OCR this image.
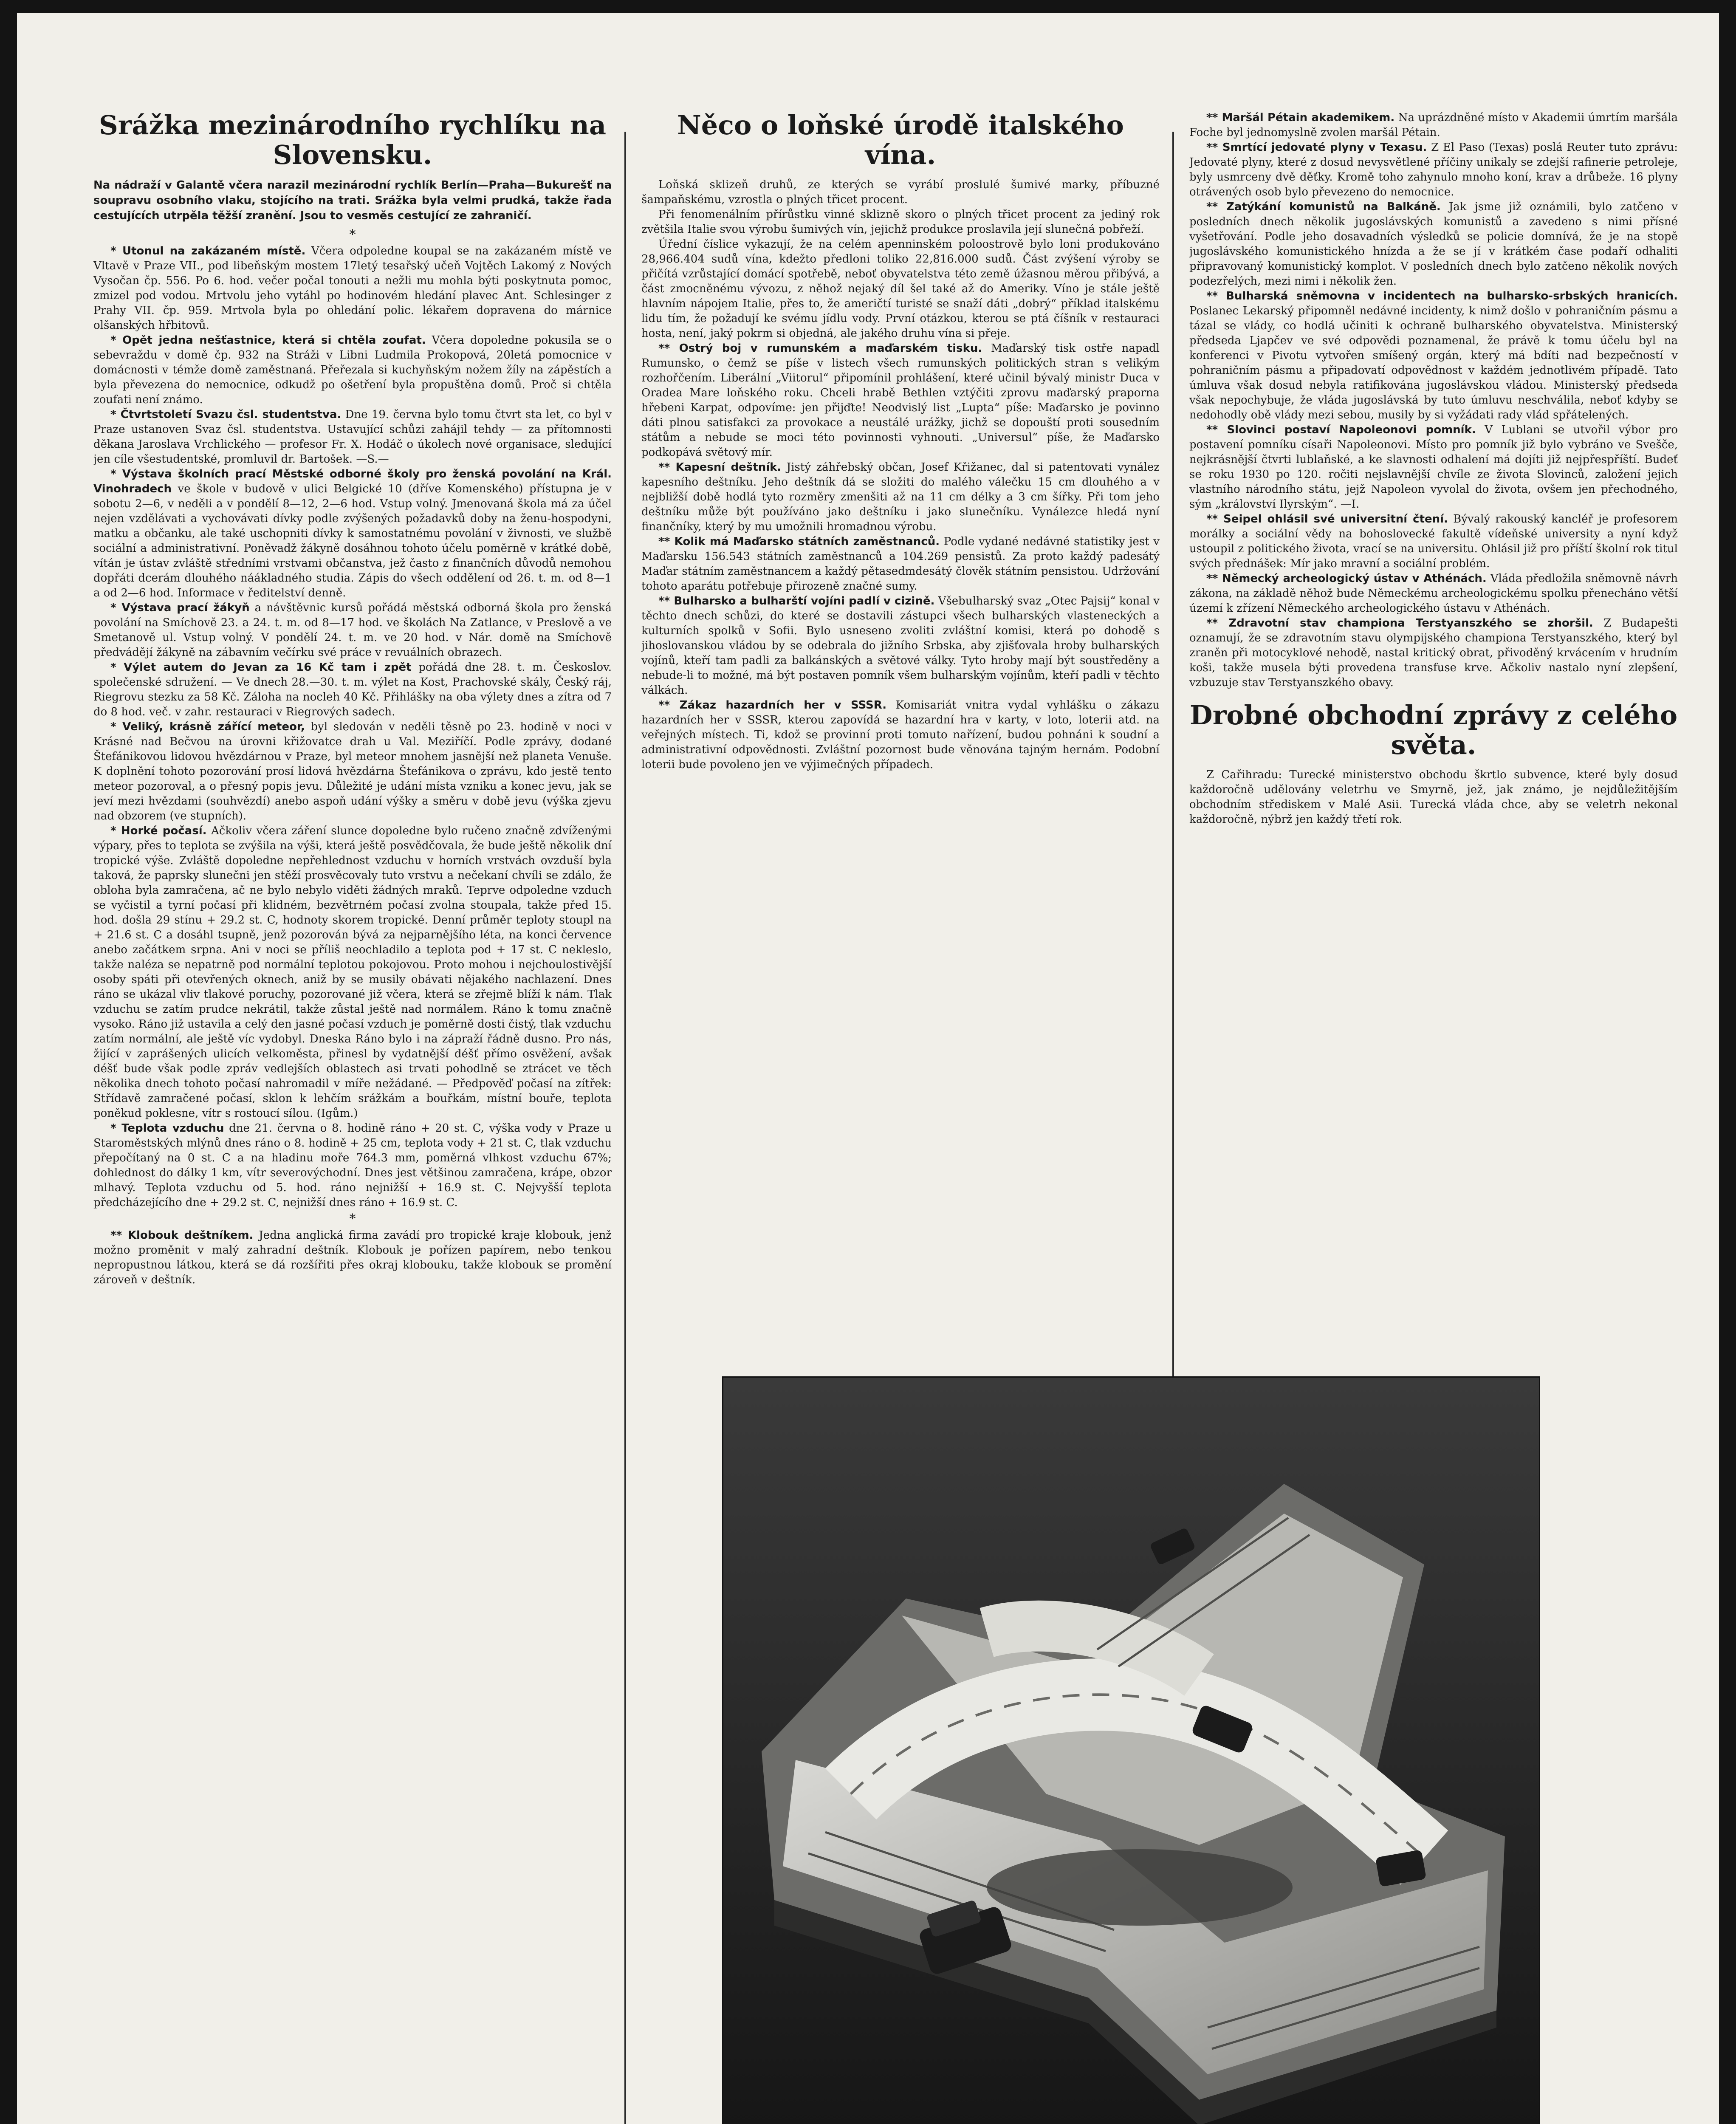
Srážka mezinárodního rychlíku na Slovensku.

Na nádraží v Galantě včera narazil mezinárodní rychlík Berlín—Praha—Bukurešť na soupravu osobního vlaku, stojícího na trati. Srážka byla velmi prudká, takže řada cestujících utrpěla těžší zranění. Jsou to vesměs cestující ze zahraničí.

*

* Utonul na zakázaném místě. Včera odpoledne koupal se na zakázaném místě ve Vltavě v Praze VII., pod libeňským mostem 17letý tesařský učeň Vojtěch Lakomý z Nových Vysočan čp. 556. Po 6. hod. večer počal tonouti a nežli mu mohla býti poskytnuta pomoc, zmizel pod vodou. Mrtvolu jeho vytáhl po hodinovém hledání plavec Ant. Schlesinger z Prahy VII. čp. 959. Mrtvola byla po ohledání polic. lékařem dopravena do márnice olšanských hřbitovů.

* Opět jedna nešťastnice, která si chtěla zoufat. Včera dopoledne pokusila se o sebevraždu v domě čp. 932 na Stráži v Libni Ludmila Prokopová, 20letá pomocnice v domácnosti v témže domě zaměstnaná. Přeřezala si kuchyňským nožem žíly na zápěstích a byla převezena do nemocnice, odkudž po ošetření byla propuštěna domů. Proč si chtěla zoufati není známo.

* Čtvrtstoletí Svazu čsl. studentstva. Dne 19. června bylo tomu čtvrt sta let, co byl v Praze ustanoven Svaz čsl. studentstva. Ustavující schůzi zahájil tehdy — za přítomnosti děkana Jaroslava Vrchlického — profesor Fr. X. Hodáč o úkolech nové organisace, sledující jen cíle všestudentské, promluvil dr. Bartošek. —S.—

* Výstava školních prací Městské odborné školy pro ženská povolání na Král. Vinohradech ve škole v budově v ulici Belgické 10 (dříve Komenského) přístupna je v sobotu 2—6, v neděli a v pondělí 8—12, 2—6 hod. Vstup volný. Jmenovaná škola má za účel nejen vzdělávati a vychovávati dívky podle zvýšených požadavků doby na ženu-hospodyni, matku a občanku, ale také uschopniti dívky k samostatnému povolání v živnosti, ve službě sociální a administrativní. Poněvadž žákyně dosáhnou tohoto účelu poměrně v krátké době, vítán je ústav zvláště středními vrstvami občanstva, jež často z finančních důvodů nemohou dopřáti dcerám dlouhého náákladného studia. Zápis do všech oddělení od 26. t. m. od 8—1 a od 2—6 hod. Informace v ředitelství denně.

* Výstava prací žákyň a návštěvnic kursů pořádá městská odborná škola pro ženská povolání na Smíchově 23. a 24. t. m. od 8—17 hod. ve školách Na Zatlance, v Preslově a ve Smetanově ul. Vstup volný. V pondělí 24. t. m. ve 20 hod. v Nár. domě na Smíchově předvádějí žákyně na zábavním večírku své práce v revuálních obrazech.

* Výlet autem do Jevan za 16 Kč tam i zpět pořádá dne 28. t. m. Českoslov. společenské sdružení. — Ve dnech 28.—30. t. m. výlet na Kost, Prachovské skály, Český ráj, Riegrovu stezku za 58 Kč. Záloha na nocleh 40 Kč. Přihlášky na oba výlety dnes a zítra od 7 do 8 hod. več. v zahr. restauraci v Riegrových sadech.

* Veliký, krásně zářící meteor, byl sledován v neděli těsně po 23. hodině v noci v Krásné nad Bečvou na úrovni křižovatce drah u Val. Meziříčí. Podle zprávy, dodané Štefánikovou lidovou hvězdárnou v Praze, byl meteor mnohem jasnější než planeta Venuše. K doplnění tohoto pozorování prosí lidová hvězdárna Štefánikova o zprávu, kdo jestě tento meteor pozoroval, a o přesný popis jevu. Důležité je udání místa vzniku a konec jevu, jak se jeví mezi hvězdami (souhvězdí) anebo aspoň udání výšky a směru v době jevu (výška zjevu nad obzorem (ve stupních).

* Horké počasí. Ačkoliv včera záření slunce dopoledne bylo ručeno značně zdvíženými výpary, přes to teplota se zvýšila na výši, která ještě posvědčovala, že bude ještě několik dní tropické výše. Zvláště dopoledne nepřehlednost vzduchu v horních vrstvách ovzduší byla taková, že paprsky slunečni jen stěží prosvěcovaly tuto vrstvu a nečekaní chvíli se zdálo, že obloha byla zamračena, ač ne bylo nebylo viděti žádných mraků. Teprve odpoledne vzduch se vyčistil a tyrní počasí při klidném, bezvětrném počasí zvolna stoupala, takže před 15. hod. došla 29 stínu + 29.2 st. C, hodnoty skorem tropické. Denní průměr teploty stoupl na + 21.6 st. C a dosáhl tsupně, jenž pozorován bývá za nejparnějšího léta, na konci července anebo začátkem srpna. Ani v noci se příliš neochladilo a teplota pod + 17 st. C nekleslo, takže naléza se nepatrně pod normální teplotou pokojovou. Proto mohou i nejchoulostivější osoby spáti při otevřených oknech, aniž by se musily obávati nějakého nachlazení. Dnes ráno se ukázal vliv tlakové poruchy, pozorované již včera, která se zřejmě blíží k nám. Tlak vzduchu se zatím prudce nekrátil, takže zůstal ještě nad normálem. Ráno k tomu značně vysoko. Ráno již ustavila a celý den jasné počasí vzduch je poměrně dosti čistý, tlak vzduchu zatím normální, ale ještě víc vydobyl. Dneska Ráno bylo i na zápraží řádně dusno. Pro nás, žijící v zaprášených ulicích velkoměsta, přinesl by vydatnější déšť přímo osvěžení, avšak déšť bude však podle zpráv vedlejších oblastech asi trvati pohodlně se ztrácet ve těch několika dnech tohoto počasí nahromadil v míře nežádané. — Předpověď počasí na zítřek: Střídavě zamračené počasí, sklon k lehčím srážkám a bouřkám, místní bouře, teplota poněkud poklesne, vítr s rostoucí sílou. (Igům.)

* Teplota vzduchu dne 21. června o 8. hodině ráno + 20 st. C, výška vody v Praze u Staroměstských mlýnů dnes ráno o 8. hodině + 25 cm, teplota vody + 21 st. C, tlak vzduchu přepočítaný na 0 st. C a na hladinu moře 764.3 mm, poměrná vlhkost vzduchu 67%; dohlednost do dálky 1 km, vítr severovýchodní. Dnes jest většinou zamračena, krápe, obzor mlhavý. Teplota vzduchu od 5. hod. ráno nejnižší + 16.9 st. C. Nejvyšší teplota předcházejícího dne + 29.2 st. C, nejnižší dnes ráno + 16.9 st. C.

*

** Klobouk deštníkem. Jedna anglická firma zavádí pro tropické kraje klobouk, jenž možno proměnit v malý zahradní deštník. Klobouk je pořízen papírem, nebo tenkou nepropustnou látkou, která se dá rozšířiti přes okraj klobouku, takže klobouk se promění zároveň v deštník.

Něco o loňské úrodě italského vína.

Loňská sklizeň druhů, ze kterých se vyrábí proslulé šumivé marky, příbuzné šampaňskému, vzrostla o plných třicet procent.

Při fenomenálním přírůstku vinné sklizně skoro o plných třicet procent za jediný rok zvětšila Italie svou výrobu šumivých vín, jejichž produkce proslavila její slunečná pobřeží.

Úřední číslice vykazují, že na celém apenninském poloostrově bylo loni produkováno 28,966.404 sudů vína, kdežto předloni toliko 22,816.000 sudů. Část zvýšení výroby se přičítá vzrůstající domácí spotřebě, neboť obyvatelstva této země úžasnou měrou přibývá, a část zmocněnému vývozu, z něhož nejaký díl šel také až do Ameriky. Víno je stále ještě hlavním nápojem Italie, přes to, že američtí turisté se snaží dáti „dobrý“ příklad italskému lidu tím, že požadují ke svému jídlu vody. První otázkou, kterou se ptá číšník v restauraci hosta, není, jaký pokrm si objedná, ale jakého druhu vína si přeje.

** Ostrý boj v rumunském a maďarském tisku. Maďarský tisk ostře napadl Rumunsko, o čemž se píše v listech všech rumunských politických stran s velikým rozhořčením. Liberální „Viitorul“ připomínil prohlášení, které učinil bývalý ministr Duca v Oradea Mare loňského roku. Chceli hrabě Bethlen vztýčiti zprovu maďarský praporna hřebeni Karpat, odpovíme: jen přijďte! Neodvislý list „Lupta“ píše: Maďarsko je povinno dáti plnou satisfakci za provokace a neustálé urážky, jichž se dopouští proti sousedním státům a nebude se moci této povinnosti vyhnouti. „Universul“ píše, že Maďarsko podkopává světový mír.

** Kapesní deštník. Jistý záhřebský občan, Josef Křižanec, dal si patentovati vynález kapesního deštníku. Jeho deštník dá se složiti do malého válečku 15 cm dlouhého a v nejbližší době hodlá tyto rozměry zmenšiti až na 11 cm délky a 3 cm šířky. Při tom jeho deštníku může být používáno jako deštníku i jako slunečníku. Vynálezce hledá nyní finančníky, který by mu umožnili hromadnou výrobu.

** Kolik má Maďarsko státních zaměstnanců. Podle vydané nedávné statistiky jest v Maďarsku 156.543 státních zaměstnanců a 104.269 pensistů. Za proto každý padesátý Maďar státním zaměstnancem a každý pětasedmdesátý člověk státním pensistou. Udržování tohoto aparátu potřebuje přirozeně značné sumy.

** Bulharsko a bulharští vojíni padlí v cizině. Všebulharský svaz „Otec Pajsij“ konal v těchto dnech schůzi, do které se dostavili zástupci všech bulharských vlasteneckých a kulturních spolků v Sofii. Bylo usneseno zvoliti zvláštní komisi, která po dohodě s jihoslovanskou vládou by se odebrala do jižního Srbska, aby zjišťovala hroby bulharských vojínů, kteří tam padli za balkánských a světové války. Tyto hroby mají být soustředěny a nebude-li to možné, má být postaven pomník všem bulharským vojínům, kteří padli v těchto válkách.

** Zákaz hazardních her v SSSR. Komisariát vnitra vydal vyhlášku o zákazu hazardních her v SSSR, kterou zapovídá se hazardní hra v karty, v loto, loterii atd. na veřejných místech. Ti, kdož se provinní proti tomuto nařízení, budou pohnáni k soudní a administrativní odpovědnosti. Zvláštní pozornost bude věnována tajným hernám. Podobní loterii bude povoleno jen ve výjimečných případech.

** Maršál Pétain akademikem. Na uprázdněné místo v Akademii úmrtím maršála Foche byl jednomyslně zvolen maršál Pétain.

** Smrtící jedovaté plyny v Texasu. Z El Paso (Texas) poslá Reuter tuto zprávu: Jedovaté plyny, které z dosud nevysvětlené příčiny unikaly se zdejší rafinerie petroleje, byly usmrceny dvě děťky. Kromě toho zahynulo mnoho koní, krav a drůbeže. 16 plyny otrávených osob bylo převezeno do nemocnice.

** Zatýkání komunistů na Balkáně. Jak jsme již oznámili, bylo zatčeno v posledních dnech několik jugoslávských komunistů a zavedeno s nimi přísné vyšetřování. Podle jeho dosavadních výsledků se policie domnívá, že je na stopě jugoslávského komunistického hnízda a že se jí v krátkém čase podaří odhaliti připravovaný komunistický komplot. V posledních dnech bylo zatčeno několik nových podezřelých, mezi nimi i několik žen.

** Bulharská sněmovna v incidentech na bulharsko-srbských hranicích. Poslanec Lekarský připomněl nedávné incidenty, k nimž došlo v pohraničním pásmu a tázal se vlády, co hodlá učiniti k ochraně bulharského obyvatelstva. Ministerský předseda Ljapčev ve své odpovědi poznamenal, že právě k tomu účelu byl na konferenci v Pivotu vytvořen smíšený orgán, který má bdíti nad bezpečností v pohraničním pásmu a připadovatí odpovědnost v každém jednotlivém případě. Tato úmluva však dosud nebyla ratifikována jugoslávskou vládou. Ministerský předseda však nepochybuje, že vláda jugoslávská by tuto úmluvu neschválila, neboť kdyby se nedohodly obě vlády mezi sebou, musily by si vyžádati rady vlád spřátelených.

** Slovinci postaví Napoleonovi pomník. V Lublani se utvořil výbor pro postavení pomníku císaři Napoleonovi. Místo pro pomník již bylo vybráno ve Svešče, nejkrásnější čtvrti lublaňské, a ke slavnosti odhalení má dojíti již nejpřespříští. Budeť se roku 1930 po 120. ročiti nejslavnější chvíle ze života Slovinců, založení jejich vlastního národního státu, jejž Napoleon vyvolal do života, ovšem jen přechodného, sým „království Ilyrským“. —I.

** Seipel ohlásil své universitní čtení. Bývalý rakouský kancléř je profesorem morálky a sociální vědy na bohoslovecké fakultě vídeňské university a nyní když ustoupil z politického života, vrací se na universitu. Ohlásil již pro příští školní rok titul svých přednášek: Mír jako mravní a sociální problém.

** Německý archeologický ústav v Athénách. Vláda předložila sněmovně návrh zákona, na základě něhož bude Německému archeologickému spolku přenecháno větší území k zřízení Německého archeologického ústavu v Athénách.

** Zdravotní stav championa Terstyanszkého se zhoršil. Z Budapešti oznamují, že se zdravotním stavu olympijského championa Terstyanszkého, který byl zraněn při motocyklové nehodě, nastal kritický obrat, přivoděný krvácením v hrudním koši, takže musela býti provedena transfuse krve. Ačkoliv nastalo nyní zlepšení, vzbuzuje stav Terstyanszkého obavy.

Drobné obchodní zprávy z celého světa.

Z Cařihradu: Turecké ministerstvo obchodu škrtlo subvence, které byly dosud každoročně udělovány veletrhu ve Smyrně, jež, jak známo, je nejdůležitějším obchodním střediskem v Malé Asii. Turecká vláda chce, aby se veletrh nekonal každoročně, nýbrž jen každý třetí rok.
